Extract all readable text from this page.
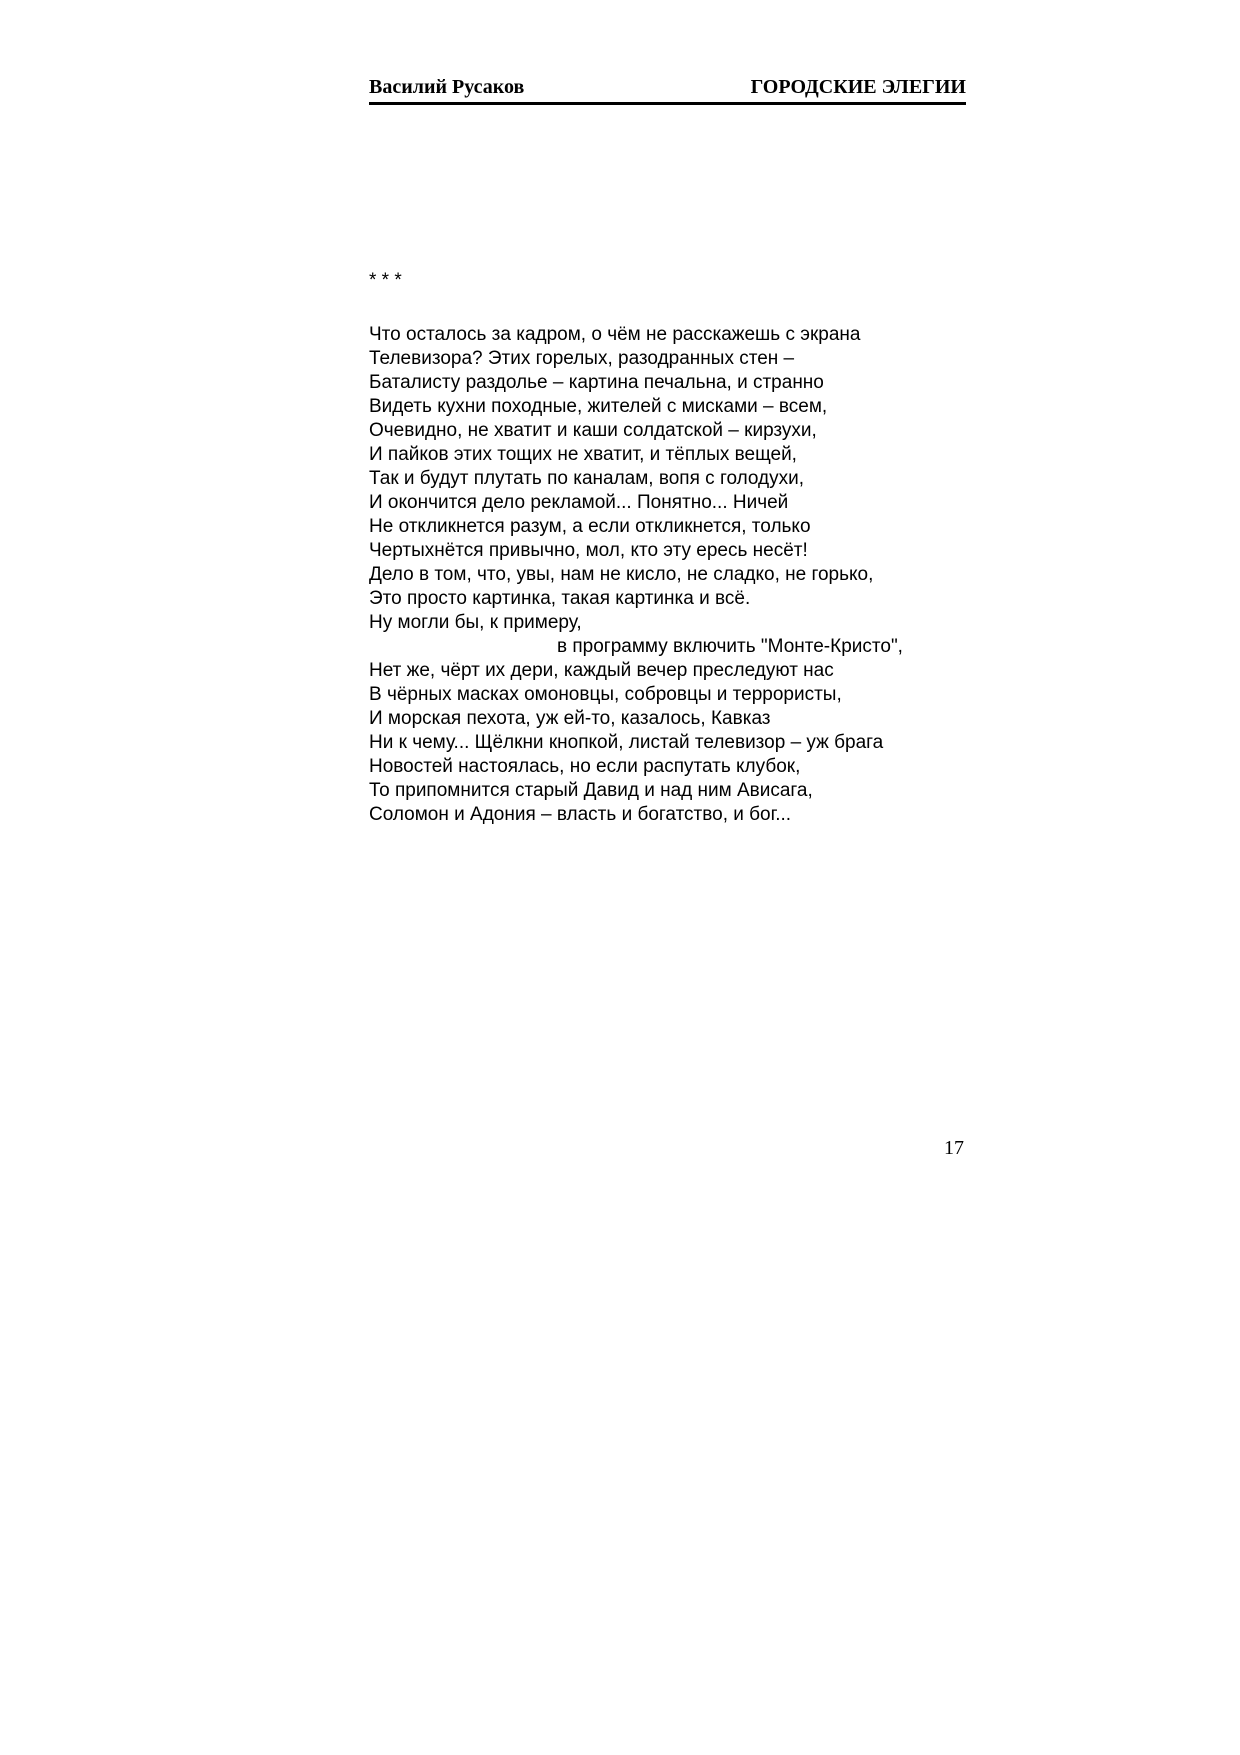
Василий Русаков	ГОРОДСКИЕ ЭЛЕГИИ
* * *
Что осталось за кадром, о чём не расскажешь с экрана
Телевизора? Этих горелых, разодранных стен –
Баталисту раздолье – картина печальна, и странно
Видеть кухни походные, жителей с мисками – всем,
Очевидно, не хватит и каши солдатской – кирзухи,
И пайков этих тощих не хватит, и тёплых вещей,
Так и будут плутать по каналам, вопя с голодухи,
И окончится дело рекламой... Понятно... Ничей
Не откликнется разум, а если откликнется, только
Чертыхнётся привычно, мол, кто эту ересь несёт!
Дело в том, что, увы, нам не кисло, не сладко, не горько,
Это просто картинка, такая картинка и всё.
Ну могли бы, к примеру,
в программу включить "Монте-Кристо",
Нет же, чёрт их дери, каждый вечер преследуют нас
В чёрных масках омоновцы, собровцы и террористы,
И морская пехота, уж ей-то, казалось, Кавказ
Ни к чему... Щёлкни кнопкой, листай телевизор – уж брага
Новостей настоялась, но если распутать клубок,
То припомнится старый Давид и над ним Ависага,
Соломон и Адония – власть и богатство, и бог...
17
